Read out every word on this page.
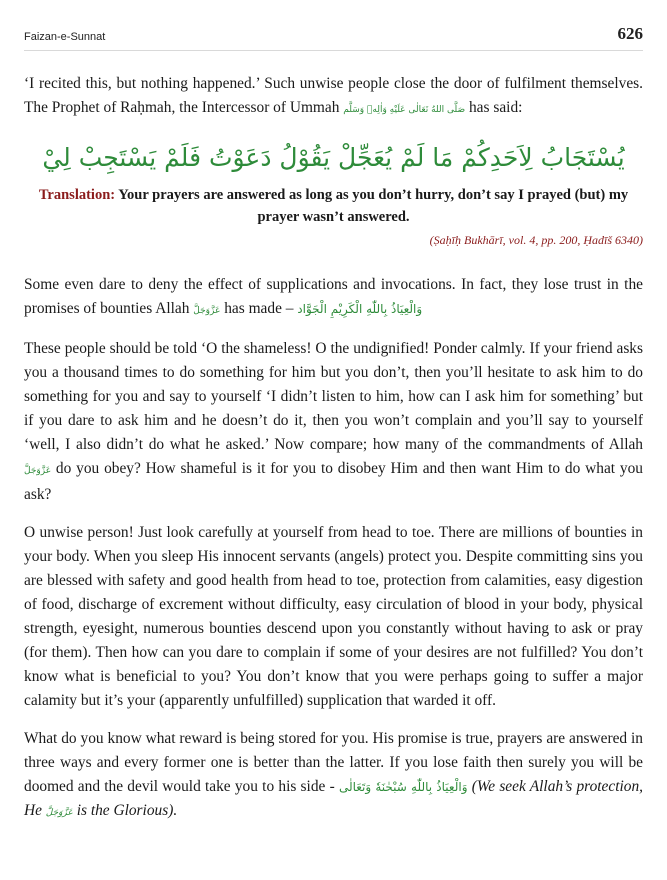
Faizan-e-Sunnat	626

‘I recited this, but nothing happened.’ Such unwise people close the door of fulfilment themselves. The Prophet of Raḥmah, the Intercessor of Ummah صَلَّى اللهُ تَعَالٰی عَلَيْهِ وَاٰلِهٖ وَسَلَّم has said:

يُسْتَجَابُ لِاَحَدِكُمْ مَا لَمْ يُعَجِّلْ يَقُوْلُ دَعَوْتُ فَلَمْ يَسْتَجِبْ لِيْ
Translation: Your prayers are answered as long as you don’t hurry, don’t say I prayed (but) my prayer wasn’t answered.
(Ṣaḥīḥ Bukhārī, vol. 4, pp. 200, Ḥadīš 6340)

Some even dare to deny the effect of supplications and invocations. In fact, they lose trust in the promises of bounties Allah عَزَّوَجَلَّ has made – وَالْعِيَاذُ بِاللّٰهِ الْكَرِيْمِ الْجَوَّاد

These people should be told ‘O the shameless! O the undignified! Ponder calmly. If your friend asks you a thousand times to do something for him but you don’t, then you’ll hesitate to ask him to do something for you and say to yourself ‘I didn’t listen to him, how can I ask him for something’ but if you dare to ask him and he doesn’t do it, then you won’t complain and you’ll say to yourself ‘well, I also didn’t do what he asked.’ Now compare; how many of the commandments of Allah عَزَّوَجَلَّ do you obey? How shameful is it for you to disobey Him and then want Him to do what you ask?

O unwise person! Just look carefully at yourself from head to toe. There are millions of bounties in your body. When you sleep His innocent servants (angels) protect you. Despite committing sins you are blessed with safety and good health from head to toe, protection from calamities, easy digestion of food, discharge of excrement without difficulty, easy circulation of blood in your body, physical strength, eyesight, numerous bounties descend upon you constantly without having to ask or pray (for them). Then how can you dare to complain if some of your desires are not fulfilled? You don’t know what is beneficial to you? You don’t know that you were perhaps going to suffer a major calamity but it’s your (apparently unfulfilled) supplication that warded it off.

What do you know what reward is being stored for you. His promise is true, prayers are answered in three ways and every former one is better than the latter. If you lose faith then surely you will be doomed and the devil would take you to his side - وَالْعِيَاذُ بِاللّٰهِ سُبْحٰنَهٗ وَتَعَالٰى (We seek Allah’s protection, He عَزَّوَجَلَّ is the Glorious).
